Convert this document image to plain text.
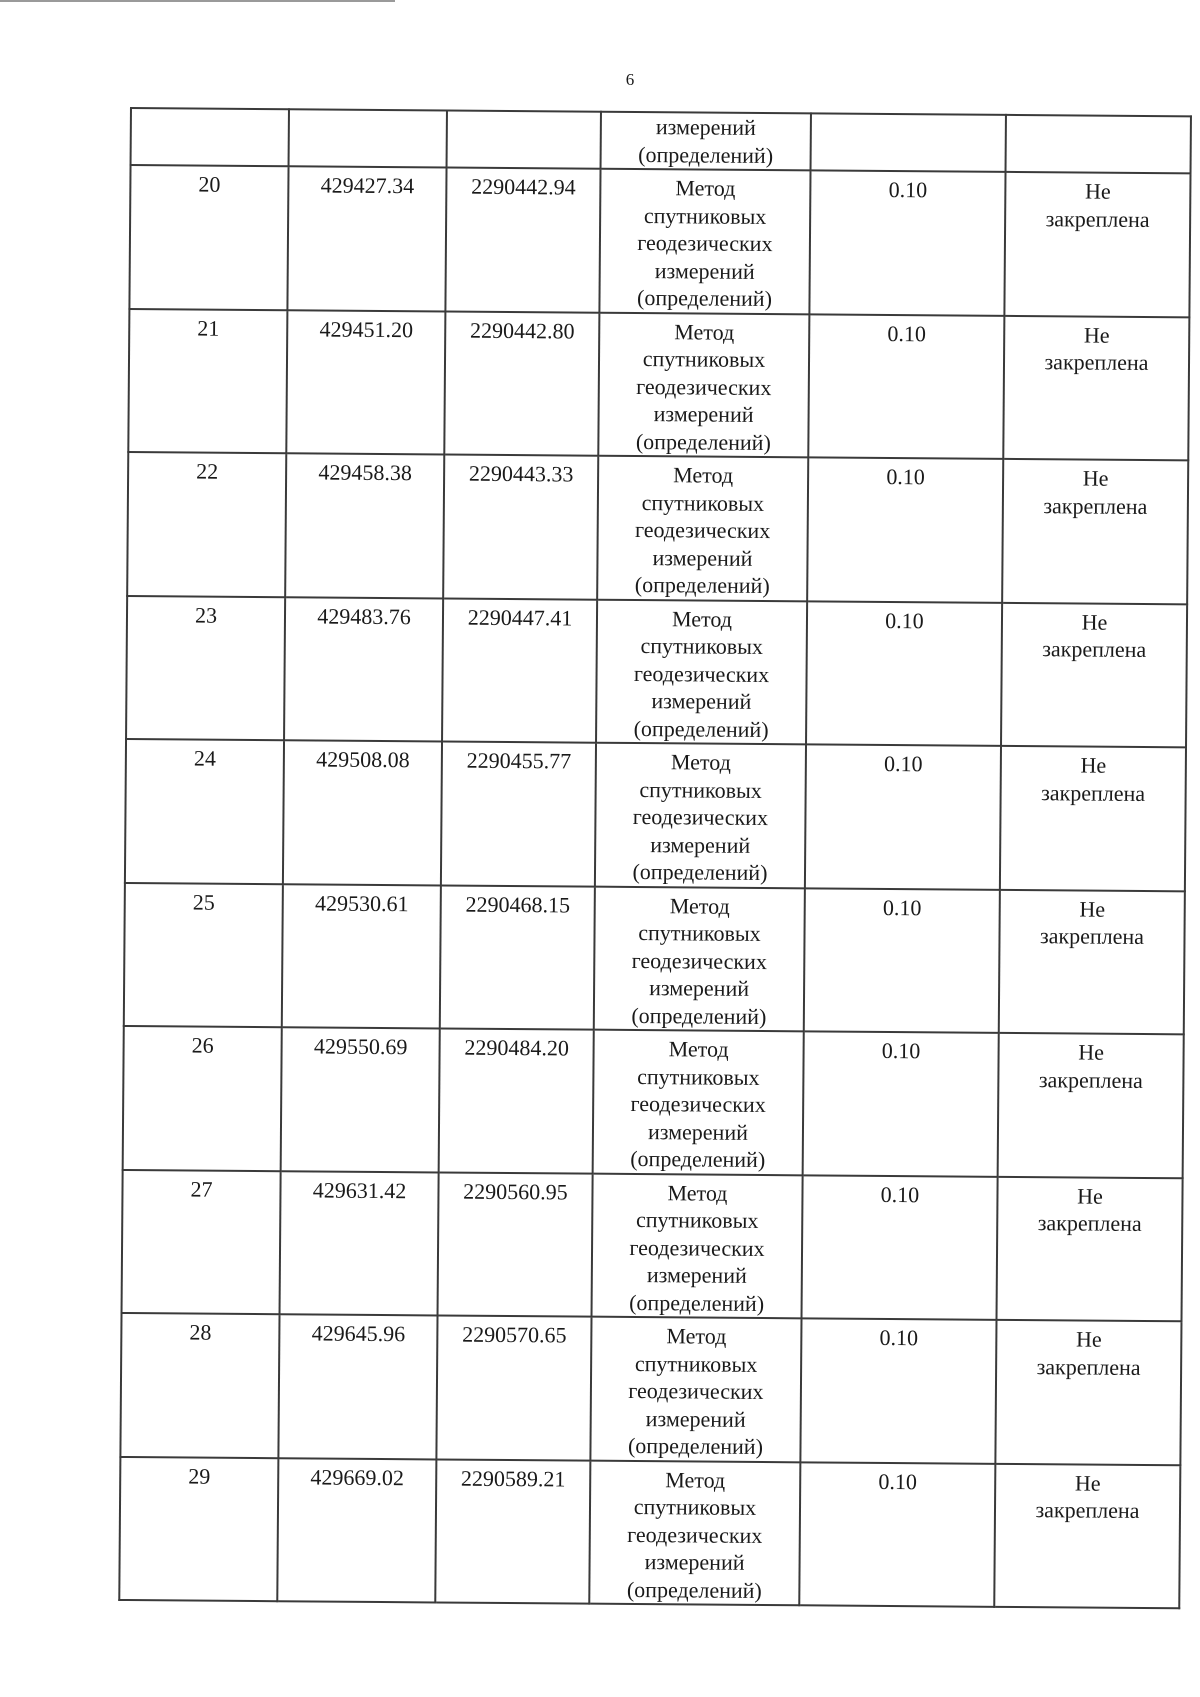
6

			измерений
(определений)		

20	429427.34	2290442.94	Метод
спутниковых
геодезических
измерений
(определений)	0.10	Не
закреплена

21	429451.20	2290442.80	Метод
спутниковых
геодезических
измерений
(определений)	0.10	Не
закреплена

22	429458.38	2290443.33	Метод
спутниковых
геодезических
измерений
(определений)	0.10	Не
закреплена

23	429483.76	2290447.41	Метод
спутниковых
геодезических
измерений
(определений)	0.10	Не
закреплена

24	429508.08	2290455.77	Метод
спутниковых
геодезических
измерений
(определений)	0.10	Не
закреплена

25	429530.61	2290468.15	Метод
спутниковых
геодезических
измерений
(определений)	0.10	Не
закреплена

26	429550.69	2290484.20	Метод
спутниковых
геодезических
измерений
(определений)	0.10	Не
закреплена

27	429631.42	2290560.95	Метод
спутниковых
геодезических
измерений
(определений)	0.10	Не
закреплена

28	429645.96	2290570.65	Метод
спутниковых
геодезических
измерений
(определений)	0.10	Не
закреплена

29	429669.02	2290589.21	Метод
спутниковых
геодезических
измерений
(определений)	0.10	Не
закреплена
